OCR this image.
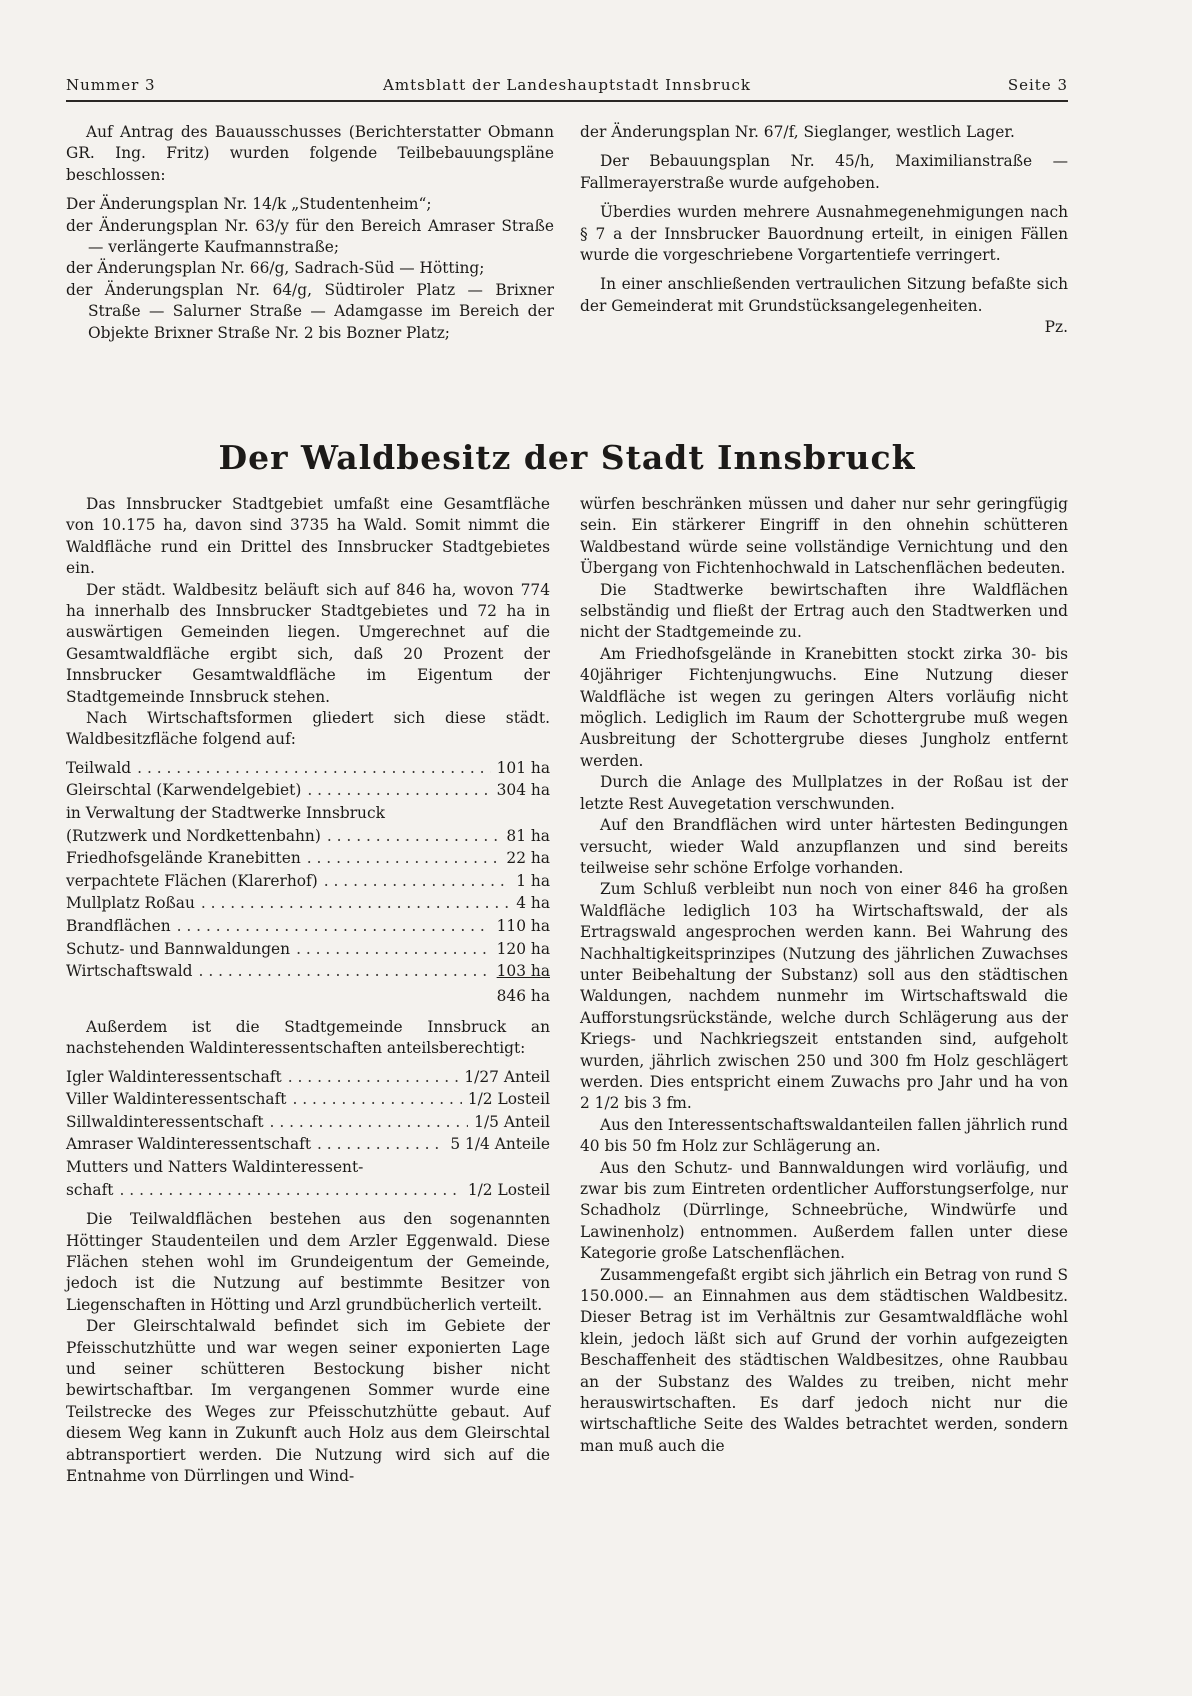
Nummer 3	Amtsblatt der Landeshauptstadt Innsbruck	Seite 3

Auf Antrag des Bauausschusses (Berichterstatter Obmann GR. Ing. Fritz) wurden folgende Teilbebauungspläne beschlossen:

Der Änderungsplan Nr. 14/k „Studentenheim“;

der Änderungsplan Nr. 63/y für den Bereich Amraser Straße — verlängerte Kaufmannstraße;

der Änderungsplan Nr. 66/g, Sadrach-Süd — Hötting;

der Änderungsplan Nr. 64/g, Südtiroler Platz — Brixner Straße — Salurner Straße — Adamgasse im Bereich der Objekte Brixner Straße Nr. 2 bis Bozner Platz;

der Änderungsplan Nr. 67/f, Sieglanger, westlich Lager.

Der Bebauungsplan Nr. 45/h, Maximilianstraße — Fallmerayerstraße wurde aufgehoben.

Überdies wurden mehrere Ausnahmegenehmigungen nach § 7 a der Innsbrucker Bauordnung erteilt, in einigen Fällen wurde die vorgeschriebene Vorgartentiefe verringert.

In einer anschließenden vertraulichen Sitzung befaßte sich der Gemeinderat mit Grundstücksangelegenheiten.

Pz.

Der Waldbesitz der Stadt Innsbruck

Das Innsbrucker Stadtgebiet umfaßt eine Gesamtfläche von 10.175 ha, davon sind 3735 ha Wald. Somit nimmt die Waldfläche rund ein Drittel des Innsbrucker Stadtgebietes ein.

Der städt. Waldbesitz beläuft sich auf 846 ha, wovon 774 ha innerhalb des Innsbrucker Stadtgebietes und 72 ha in auswärtigen Gemeinden liegen. Umgerechnet auf die Gesamtwaldfläche ergibt sich, daß 20 Prozent der Innsbrucker Gesamtwaldfläche im Eigentum der Stadtgemeinde Innsbruck stehen.

Nach Wirtschaftsformen gliedert sich diese städt. Waldbesitzfläche folgend auf:

Teilwald . . .	101 ha
Gleirschtal (Karwendelgebiet) . . .	304 ha
in Verwaltung der Stadtwerke Innsbruck
(Rutzwerk und Nordkettenbahn) . . .	81 ha
Friedhofsgelände Kranebitten . . .	22 ha
verpachtete Flächen (Klarerhof) . . .	1 ha
Mullplatz Roßau . . .	4 ha
Brandflächen . . .	110 ha
Schutz- und Bannwaldungen . . .	120 ha
Wirtschaftswald . . .	103 ha
846 ha

Außerdem ist die Stadtgemeinde Innsbruck an nachstehenden Waldinteressentschaften anteilsberechtigt:

Igler Waldinteressentschaft . . .	1/27 Anteil
Viller Waldinteressentschaft . . .	1/2 Losteil
Sillwaldinteressentschaft . . .	1/5 Anteil
Amraser Waldinteressentschaft . . .	5 1/4 Anteile
Mutters und Natters Waldinteressent-
schaft . . .	1/2 Losteil

Die Teilwaldflächen bestehen aus den sogenannten Höttinger Staudenteilen und dem Arzler Eggenwald. Diese Flächen stehen wohl im Grundeigentum der Gemeinde, jedoch ist die Nutzung auf bestimmte Besitzer von Liegenschaften in Hötting und Arzl grundbücherlich verteilt.

Der Gleirschtalwald befindet sich im Gebiete der Pfeisschutzhütte und war wegen seiner exponierten Lage und seiner schütteren Bestockung bisher nicht bewirtschaftbar. Im vergangenen Sommer wurde eine Teilstrecke des Weges zur Pfeisschutzhütte gebaut. Auf diesem Weg kann in Zukunft auch Holz aus dem Gleirschtal abtransportiert werden. Die Nutzung wird sich auf die Entnahme von Dürrlingen und Wind-

würfen beschränken müssen und daher nur sehr geringfügig sein. Ein stärkerer Eingriff in den ohnehin schütteren Waldbestand würde seine vollständige Vernichtung und den Übergang von Fichtenhochwald in Latschenflächen bedeuten.

Die Stadtwerke bewirtschaften ihre Waldflächen selbständig und fließt der Ertrag auch den Stadtwerken und nicht der Stadtgemeinde zu.

Am Friedhofsgelände in Kranebitten stockt zirka 30- bis 40jähriger Fichtenjungwuchs. Eine Nutzung dieser Waldfläche ist wegen zu geringen Alters vorläufig nicht möglich. Lediglich im Raum der Schottergrube muß wegen Ausbreitung der Schottergrube dieses Jungholz entfernt werden.

Durch die Anlage des Mullplatzes in der Roßau ist der letzte Rest Auvegetation verschwunden.

Auf den Brandflächen wird unter härtesten Bedingungen versucht, wieder Wald anzupflanzen und sind bereits teilweise sehr schöne Erfolge vorhanden.

Zum Schluß verbleibt nun noch von einer 846 ha großen Waldfläche lediglich 103 ha Wirtschaftswald, der als Ertragswald angesprochen werden kann. Bei Wahrung des Nachhaltigkeitsprinzipes (Nutzung des jährlichen Zuwachses unter Beibehaltung der Substanz) soll aus den städtischen Waldungen, nachdem nunmehr im Wirtschaftswald die Aufforstungsrückstände, welche durch Schlägerung aus der Kriegs- und Nachkriegszeit entstanden sind, aufgeholt wurden, jährlich zwischen 250 und 300 fm Holz geschlägert werden. Dies entspricht einem Zuwachs pro Jahr und ha von 2 1/2 bis 3 fm.

Aus den Interessentschaftswaldanteilen fallen jährlich rund 40 bis 50 fm Holz zur Schlägerung an.

Aus den Schutz- und Bannwaldungen wird vorläufig, und zwar bis zum Eintreten ordentlicher Aufforstungserfolge, nur Schadholz (Dürrlinge, Schneebrüche, Windwürfe und Lawinenholz) entnommen. Außerdem fallen unter diese Kategorie große Latschenflächen.

Zusammengefaßt ergibt sich jährlich ein Betrag von rund S 150.000.— an Einnahmen aus dem städtischen Waldbesitz. Dieser Betrag ist im Verhältnis zur Gesamtwaldfläche wohl klein, jedoch läßt sich auf Grund der vorhin aufgezeigten Beschaffenheit des städtischen Waldbesitzes, ohne Raubbau an der Substanz des Waldes zu treiben, nicht mehr herauswirtschaften. Es darf jedoch nicht nur die wirtschaftliche Seite des Waldes betrachtet werden, sondern man muß auch die
